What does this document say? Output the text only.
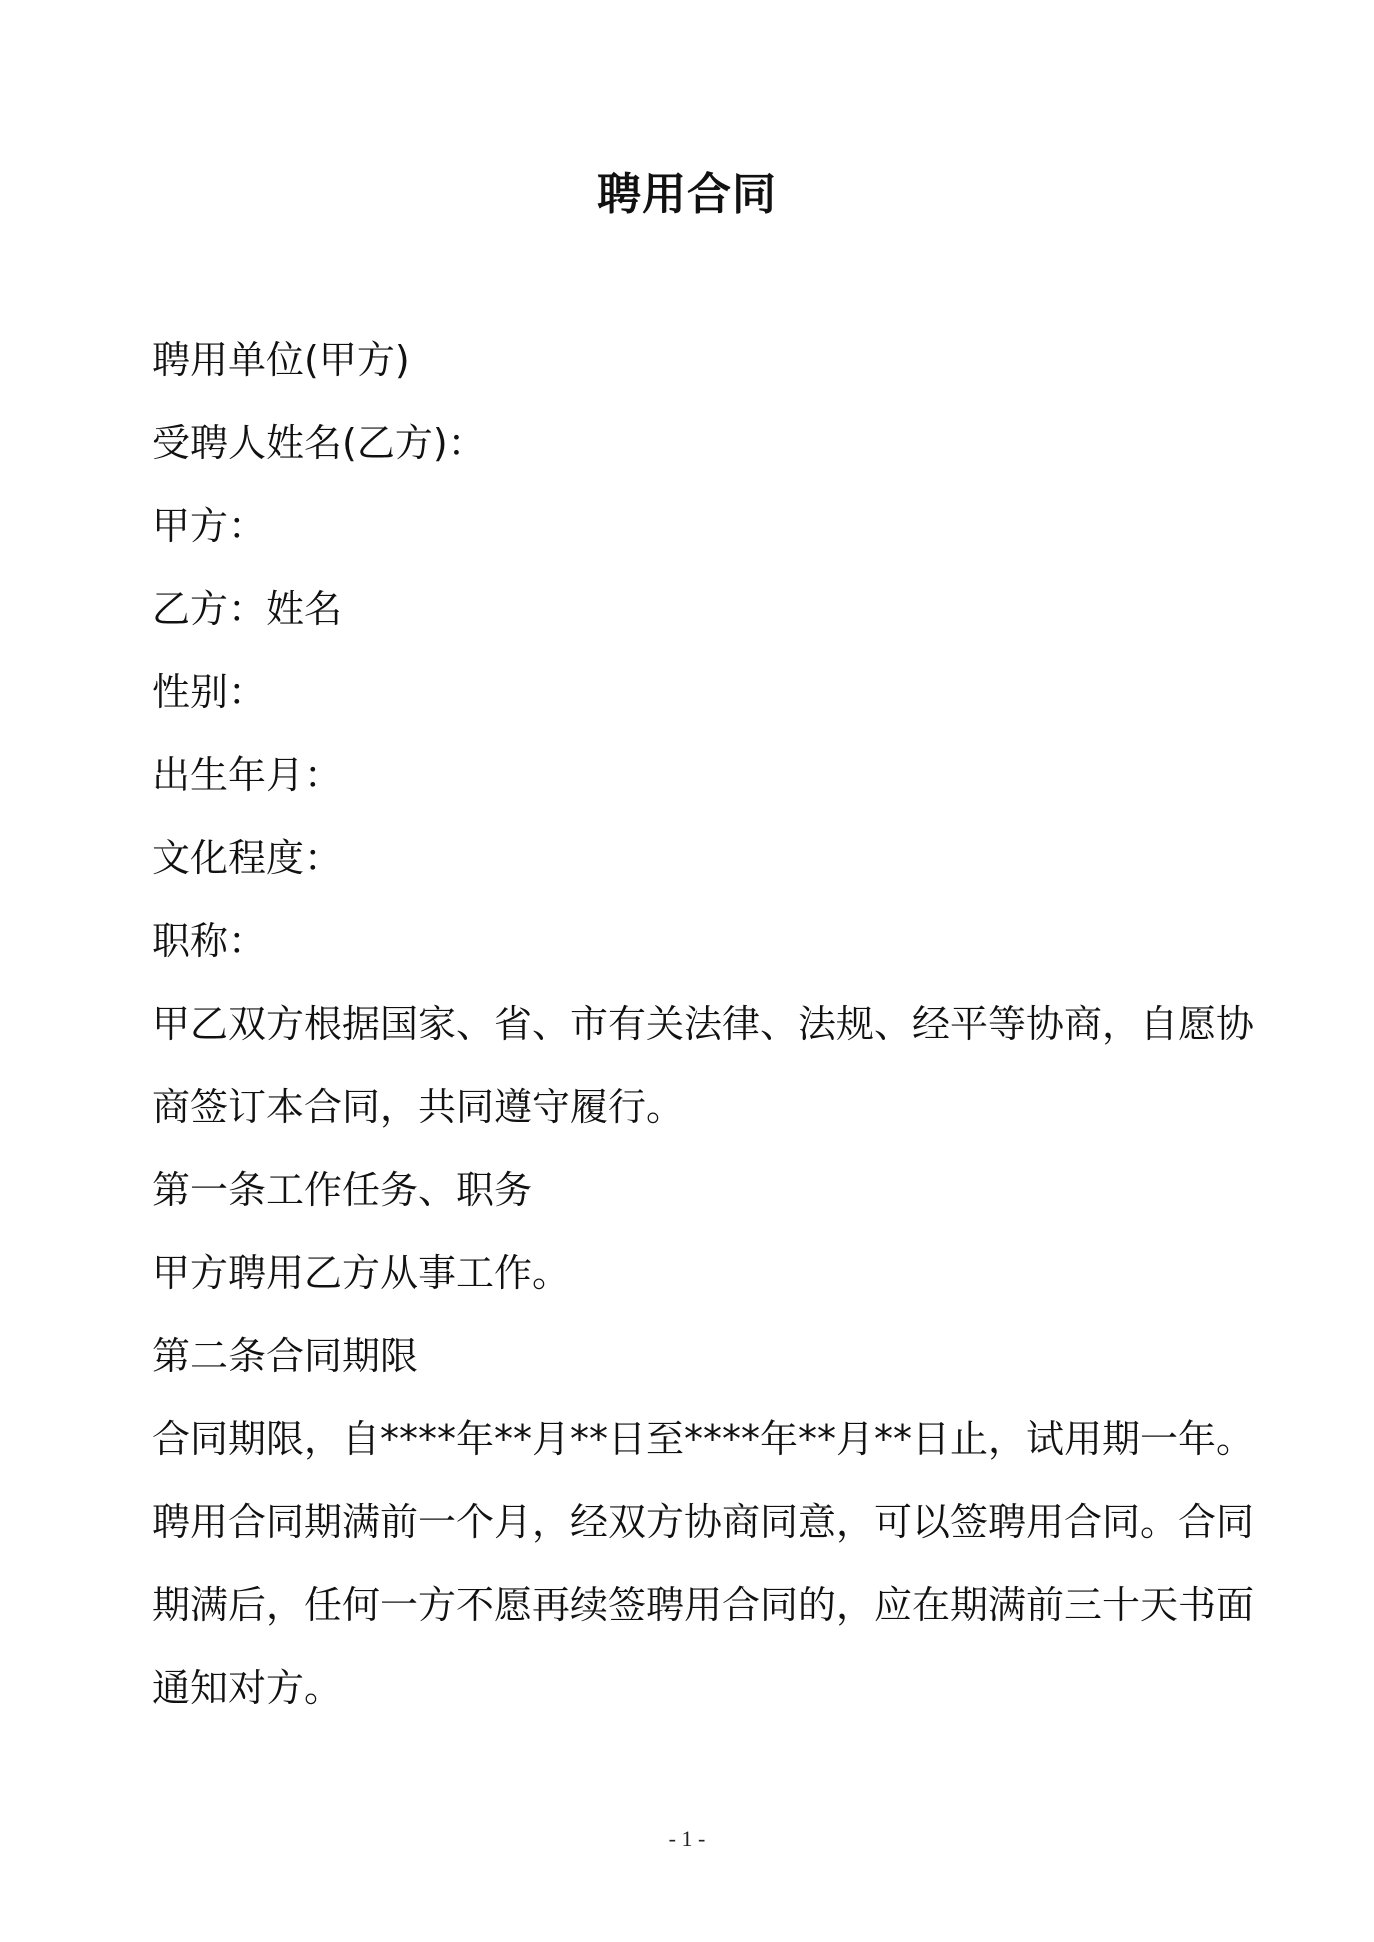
聘用合同
聘用单位(甲方)
受聘人姓名(乙方)：
甲方：
乙方：姓名
性别：
出生年月：
文化程度：
职称：
甲乙双方根据国家、省、市有关法律、法规、经平等协商，自愿协
商签订本合同，共同遵守履行。
第一条工作任务、职务
甲方聘用乙方从事工作。
第二条合同期限
合同期限，自****年**月**日至****年**月**日止，试用期一年。
聘用合同期满前一个月，经双方协商同意，可以签聘用合同。合同
期满后，任何一方不愿再续签聘用合同的，应在期满前三十天书面
通知对方。
- 1 -
